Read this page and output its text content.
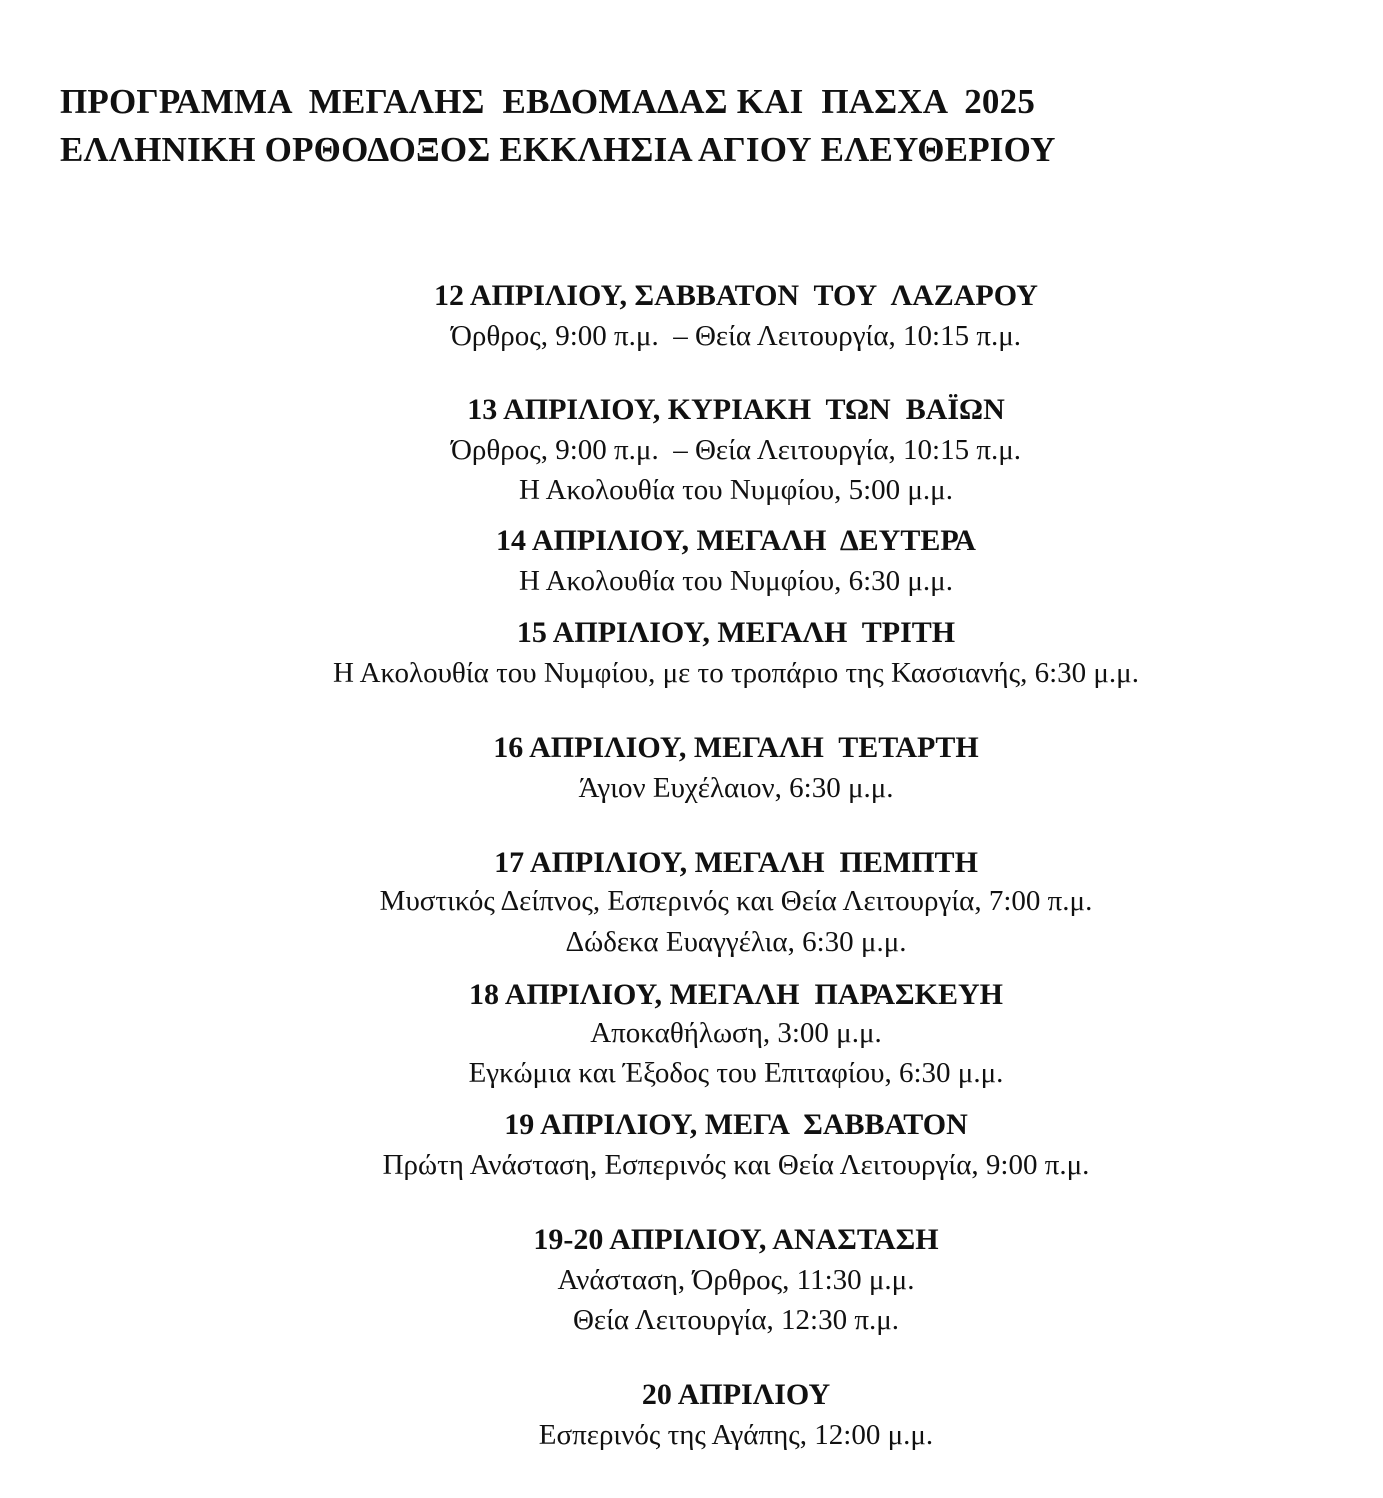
ΠΡΟΓΡΑΜΜΑ  ΜΕΓΑΛΗΣ  ΕΒΔΟΜΑΔΑΣ ΚΑΙ  ΠΑΣΧΑ  2025
ΕΛΛΗΝΙΚΗ ΟΡΘΟΔΟΞΟΣ ΕΚΚΛΗΣΙΑ ΑΓΙΟΥ ΕΛΕΥΘΕΡΙΟΥ
12 ΑΠΡΙΛΙΟΥ, ΣΑΒΒΑΤΟΝ  ΤΟΥ  ΛΑΖΑΡΟΥ
Όρθρος, 9:00 π.μ.  – Θεία Λειτουργία, 10:15 π.μ.
13 ΑΠΡΙΛΙΟΥ, ΚΥΡΙΑΚΗ  ΤΩΝ  ΒΑΪΩΝ
Όρθρος, 9:00 π.μ.  – Θεία Λειτουργία, 10:15 π.μ.
Η Ακολουθία του Νυμφίου, 5:00 μ.μ.
14 ΑΠΡΙΛΙΟΥ, ΜΕΓΑΛΗ  ΔΕΥΤΕΡΑ
Η Ακολουθία του Νυμφίου, 6:30 μ.μ.
15 ΑΠΡΙΛΙΟΥ, ΜΕΓΑΛΗ  ΤΡΙΤΗ
Η Ακολουθία του Νυμφίου, με το τροπάριο της Κασσιανής, 6:30 μ.μ.
16 ΑΠΡΙΛΙΟΥ, ΜΕΓΑΛΗ  ΤΕΤΑΡΤΗ
Άγιον Ευχέλαιον, 6:30 μ.μ.
17 ΑΠΡΙΛΙΟΥ, ΜΕΓΑΛΗ  ΠΕΜΠΤΗ
Μυστικός Δείπνος, Εσπερινός και Θεία Λειτουργία, 7:00 π.μ.
Δώδεκα Ευαγγέλια, 6:30 μ.μ.
18 ΑΠΡΙΛΙΟΥ, ΜΕΓΑΛΗ  ΠΑΡΑΣΚΕΥΗ
Αποκαθήλωση, 3:00 μ.μ.
Εγκώμια και Έξοδος του Επιταφίου, 6:30 μ.μ.
19 ΑΠΡΙΛΙΟΥ, ΜΕΓΑ  ΣΑΒΒΑΤΟΝ
Πρώτη Ανάσταση, Εσπερινός και Θεία Λειτουργία, 9:00 π.μ.
19-20 ΑΠΡΙΛΙΟΥ, ΑΝΑΣΤΑΣΗ
Ανάσταση, Όρθρος, 11:30 μ.μ.
Θεία Λειτουργία, 12:30 π.μ.
20 ΑΠΡΙΛΙΟΥ
Εσπερινός της Αγάπης, 12:00 μ.μ.
